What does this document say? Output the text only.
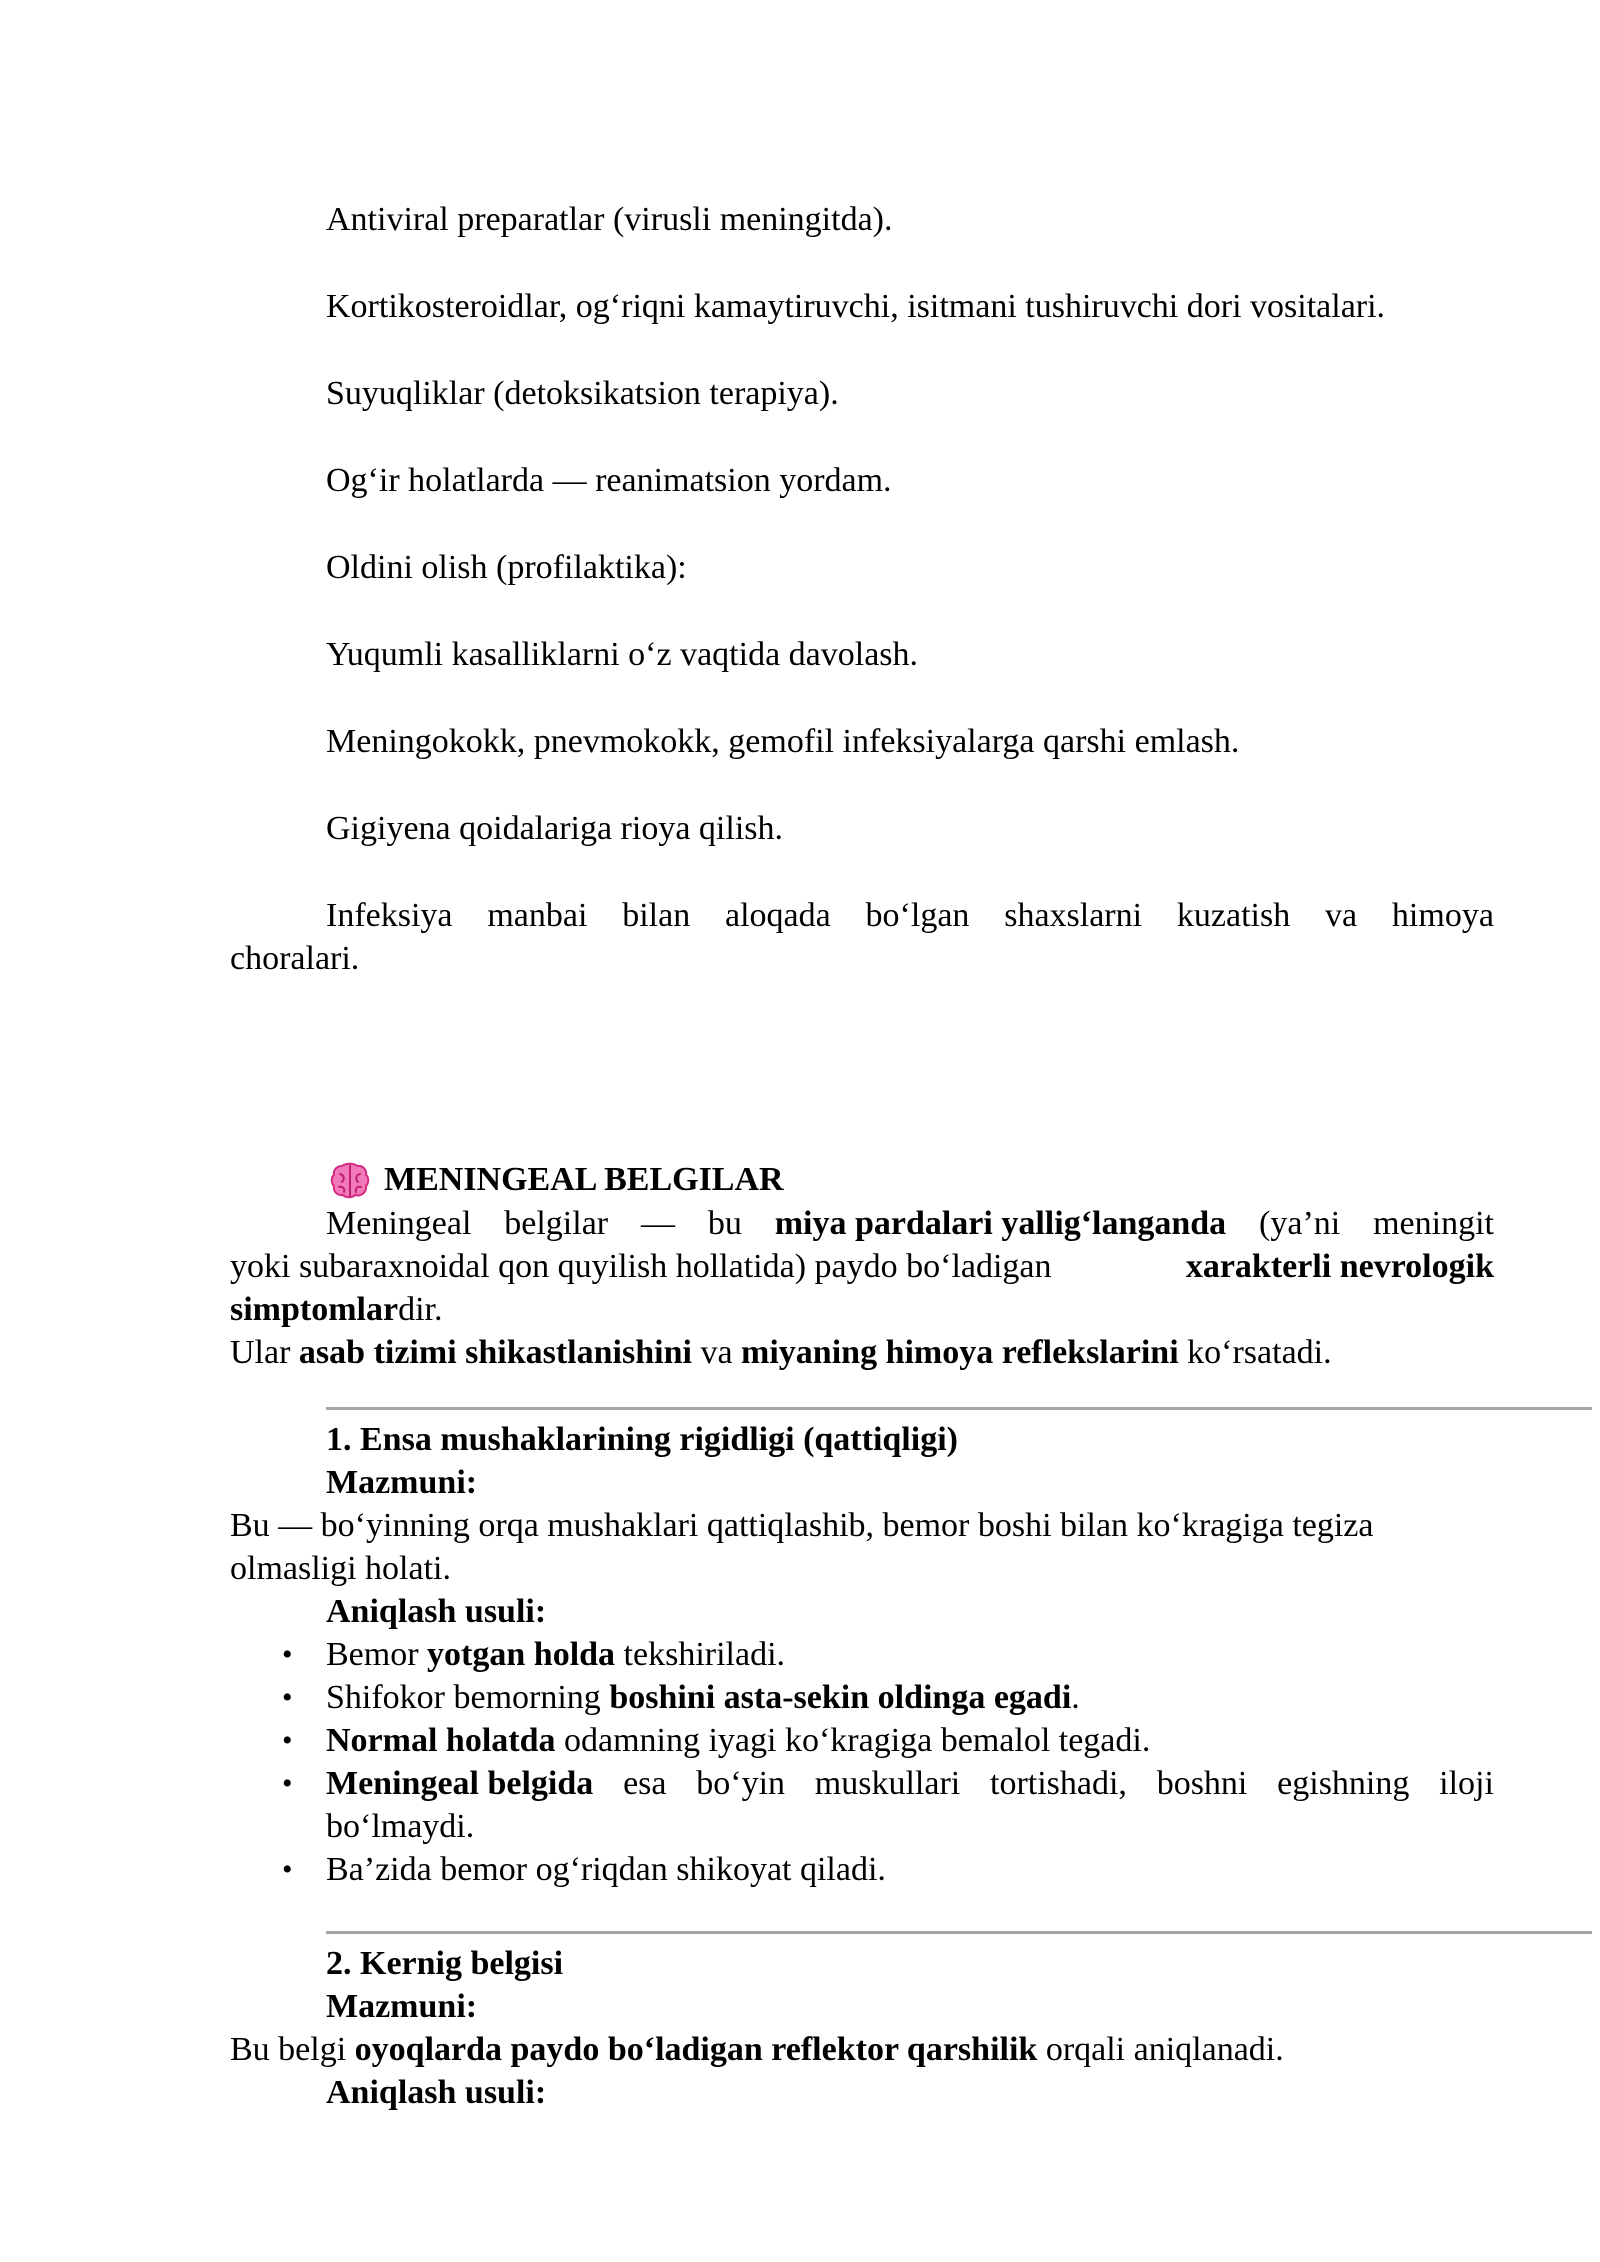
Antiviral preparatlar (virusli meningitda).
Kortikosteroidlar, og‘riqni kamaytiruvchi, isitmani tushiruvchi dori vositalari.
Suyuqliklar (detoksikatsion terapiya).
Og‘ir holatlarda — reanimatsion yordam.
Oldini olish (profilaktika):
Yuqumli kasalliklarni o‘z vaqtida davolash.
Meningokokk, pnevmokokk, gemofil infeksiyalarga qarshi emlash.
Gigiyena qoidalariga rioya qilish.
Infeksiya manbai bilan aloqada bo‘lgan shaxslarni kuzatish va himoya
choralari.
MENINGEAL BELGILAR
Meningeal belgilar — bu miya pardalari yallig‘langanda (ya’ni meningit
yoki subaraxnoidal qon quyilish hollatida) paydo bo‘ladigan	xarakterli nevrologik
simptomlardir.
Ular asab tizimi shikastlanishini va miyaning himoya reflekslarini ko‘rsatadi.
1. Ensa mushaklarining rigidligi (qattiqligi)
Mazmuni:
Bu — bo‘yinning orqa mushaklari qattiqlashib, bemor boshi bilan ko‘kragiga tegiza
olmasligi holati.
Aniqlash usuli:
• Bemor yotgan holda tekshiriladi.
• Shifokor bemorning boshini asta-sekin oldinga egadi.
• Normal holatda odamning iyagi ko‘kragiga bemalol tegadi.
• Meningeal belgida esa bo‘yin muskullari tortishadi, boshni egishning iloji
bo‘lmaydi.
• Ba’zida bemor og‘riqdan shikoyat qiladi.
2. Kernig belgisi
Mazmuni:
Bu belgi oyoqlarda paydo bo‘ladigan reflektor qarshilik orqali aniqlanadi.
Aniqlash usuli:
